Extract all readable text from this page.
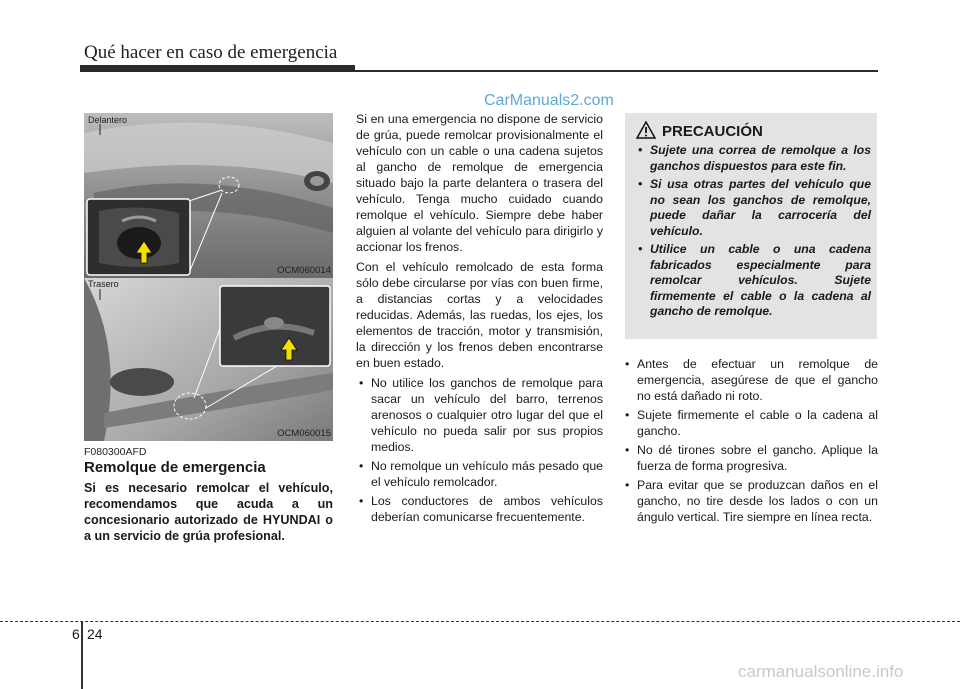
Qué hacer en caso de emergencia
CarManuals2.com
Delantero
OCM060014
Trasero
OCM060015
F080300AFD
Remolque de emergencia
Si es necesario remolcar el vehículo, recomendamos que acuda a un concesionario autorizado de HYUNDAI o a un servicio de grúa profesional.

Si en una emergencia no dispone de servicio de grúa, puede remolcar provisionalmente el vehículo con un cable o una cadena sujetos al gancho de remolque de emergencia situado bajo la parte delantera o trasera del vehículo. Tenga mucho cuidado cuando remolque el vehículo. Siempre debe haber alguien al volante del vehículo para dirigirlo y accionar los frenos.

Con el vehículo remolcado de esta forma sólo debe circularse por vías con buen firme, a distancias cortas y a velocidades reducidas. Además, las ruedas, los ejes, los elementos de tracción, motor y transmisión, la dirección y los frenos deben encontrarse en buen estado.

• No utilice los ganchos de remolque para sacar un vehículo del barro, terrenos arenosos o cualquier otro lugar del que el vehículo no pueda salir por sus propios medios.
• No remolque un vehículo más pesado que el vehículo remolcador.
• Los conductores de ambos vehículos deberían comunicarse frecuentemente.
PRECAUCIÓN
• Sujete una correa de remolque a los ganchos dispuestos para este fin.
• Si usa otras partes del vehículo que no sean los ganchos de remolque, puede dañar la carrocería del vehículo.
• Utilice un cable o una cadena fabricados especialmente para remolcar vehículos. Sujete firmemente el cable o la cadena al gancho de remolque.
• Antes de efectuar un remolque de emergencia, asegúrese de que el gancho no está dañado ni roto.
• Sujete firmemente el cable o la cadena al gancho.
• No dé tirones sobre el gancho. Aplique la fuerza de forma progresiva.
• Para evitar que se produzcan daños en el gancho, no tire desde los lados o con un ángulo vertical. Tire siempre en línea recta.
6 24
carmanualsonline.info
